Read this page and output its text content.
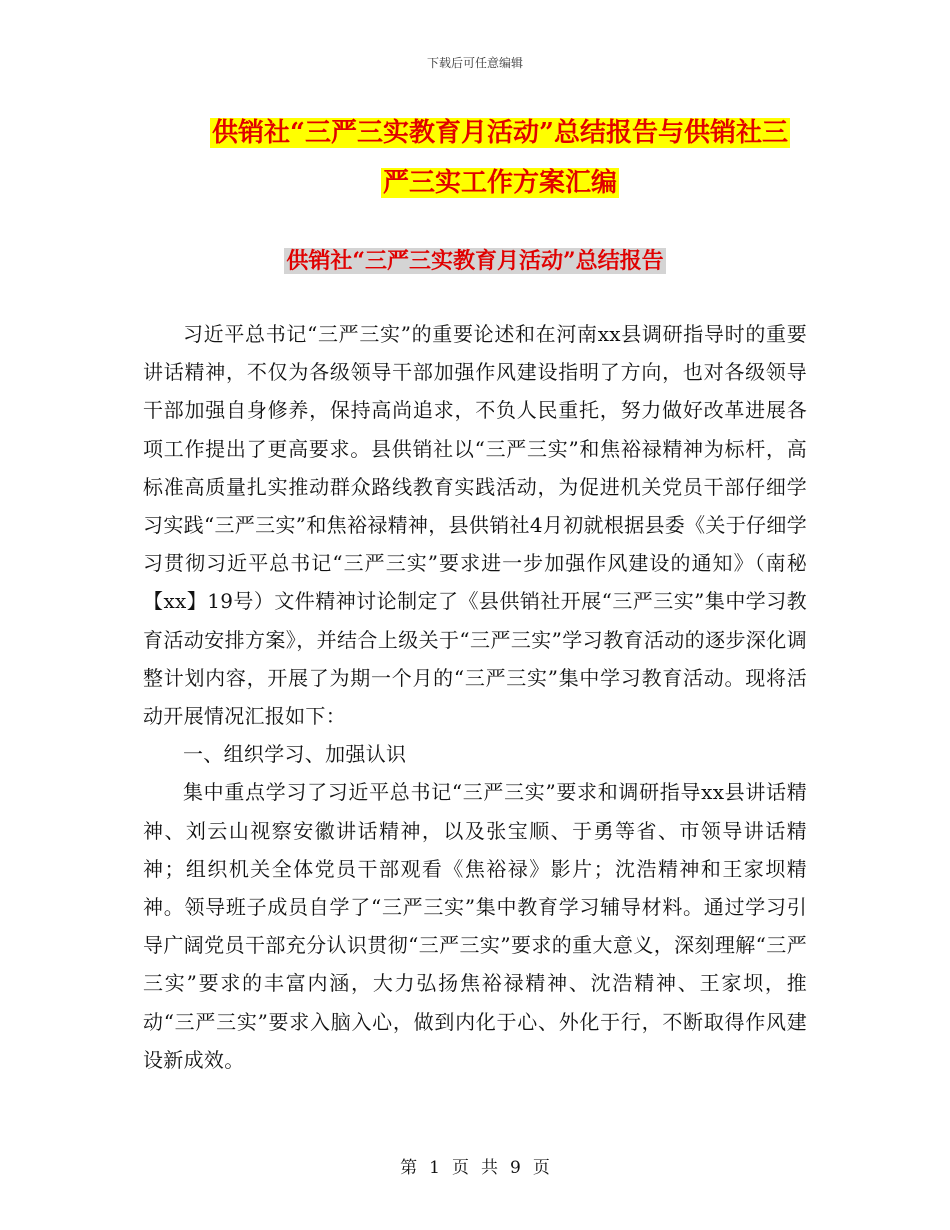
下载后可任意编辑
供销社“三严三实教育月活动”总结报告与供销社三
严三实工作方案汇编
供销社“三严三实教育月活动”总结报告

习近平总书记“三严三实”的重要论述和在河南xx县调研指导时的重要讲话精神，不仅为各级领导干部加强作风建设指明了方向，也对各级领导干部加强自身修养，保持高尚追求，不负人民重托，努力做好改革进展各项工作提出了更高要求。县供销社以“三严三实”和焦裕禄精神为标杆，高标准高质量扎实推动群众路线教育实践活动，为促进机关党员干部仔细学习实践“三严三实”和焦裕禄精神，县供销社4月初就根据县委《关于仔细学习贯彻习近平总书记“三严三实”要求进一步加强作风建设的通知》（南秘【xx】19号）文件精神讨论制定了《县供销社开展“三严三实”集中学习教育活动安排方案》，并结合上级关于“三严三实”学习教育活动的逐步深化调整计划内容，开展了为期一个月的“三严三实”集中学习教育活动。现将活动开展情况汇报如下：

一、组织学习、加强认识

集中重点学习了习近平总书记“三严三实”要求和调研指导xx县讲话精神、刘云山视察安徽讲话精神，以及张宝顺、于勇等省、市领导讲话精神；组织机关全体党员干部观看《焦裕禄》影片；沈浩精神和王家坝精神。领导班子成员自学了“三严三实”集中教育学习辅导材料。通过学习引导广阔党员干部充分认识贯彻“三严三实”要求的重大意义，深刻理解“三严三实”要求的丰富内涵，大力弘扬焦裕禄精神、沈浩精神、王家坝，推动“三严三实”要求入脑入心，做到内化于心、外化于行，不断取得作风建设新成效。

第 1 页 共 9 页
